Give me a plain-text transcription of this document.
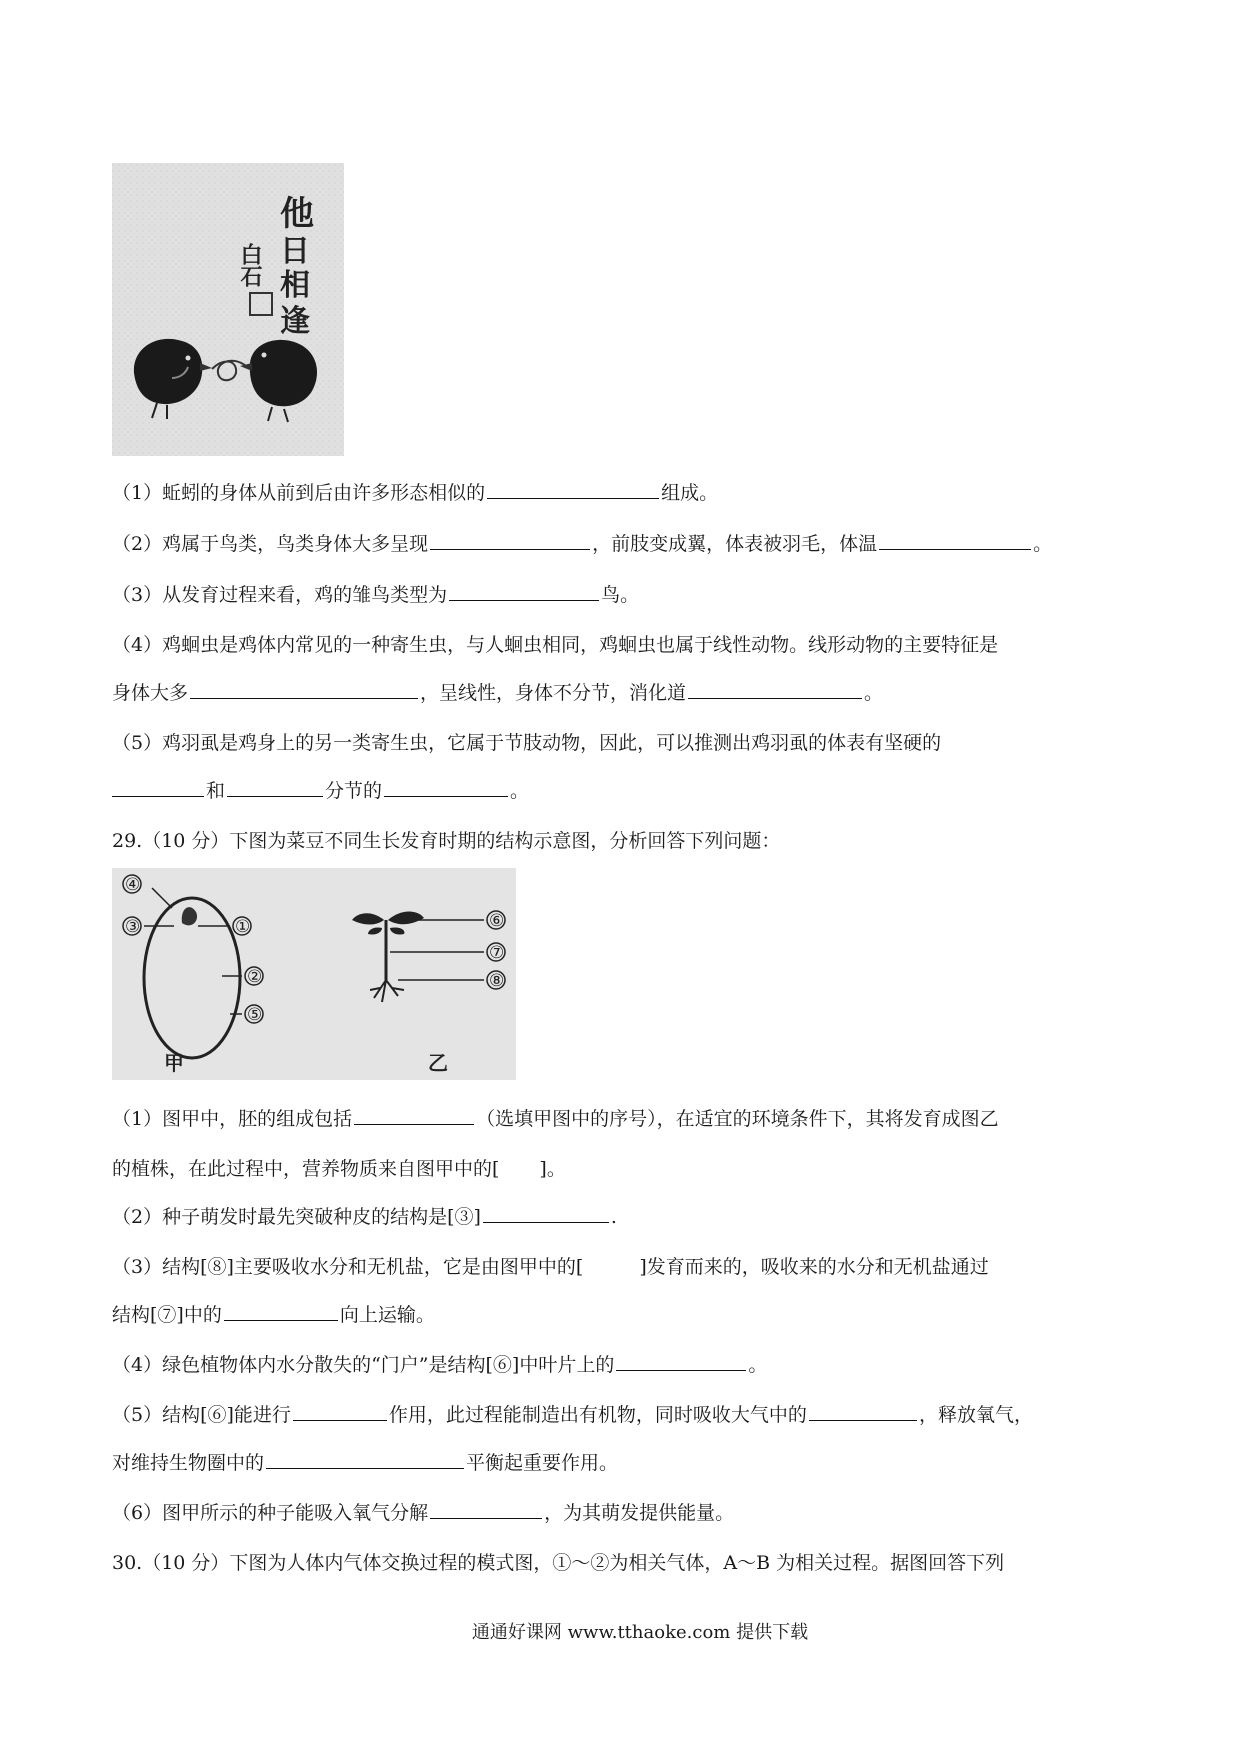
他
日
相
逢
白石
（1）蚯蚓的身体从前到后由许多形态相似的	组成。
（2）鸡属于鸟类，鸟类身体大多呈现	，前肢变成翼，体表被羽毛，体温	。
（3）从发育过程来看，鸡的雏鸟类型为	鸟。
（4）鸡蛔虫是鸡体内常见的一种寄生虫，与人蛔虫相同，鸡蛔虫也属于线性动物。线形动物的主要特征是
身体大多	，呈线性，身体不分节，消化道	。
（5）鸡羽虱是鸡身上的另一类寄生虫，它属于节肢动物，因此，可以推测出鸡羽虱的体表有坚硬的
和	分节的	。
29.（10 分）下图为菜豆不同生长发育时期的结构示意图，分析回答下列问题：
④
③	①
②
⑤
⑥
⑦
⑧
甲	乙
（1）图甲中，胚的组成包括	（选填甲图中的序号），在适宜的环境条件下，其将发育成图乙
的植株，在此过程中，营养物质来自图甲中的[ ]。
（2）种子萌发时最先突破种皮的结构是[③]	.
（3）结构[⑧]主要吸收水分和无机盐，它是由图甲中的[	]发育而来的，吸收来的水分和无机盐通过
结构[⑦]中的	向上运输。
（4）绿色植物体内水分散失的“门户”是结构[⑥]中叶片上的	。
（5）结构[⑥]能进行	作用，此过程能制造出有机物，同时吸收大气中的	，释放氧气，
对维持生物圈中的	平衡起重要作用。
（6）图甲所示的种子能吸入氧气分解	，为其萌发提供能量。
30.（10 分）下图为人体内气体交换过程的模式图，①～②为相关气体，A～B 为相关过程。据图回答下列
通通好课网 www.tthaoke.com 提供下载
